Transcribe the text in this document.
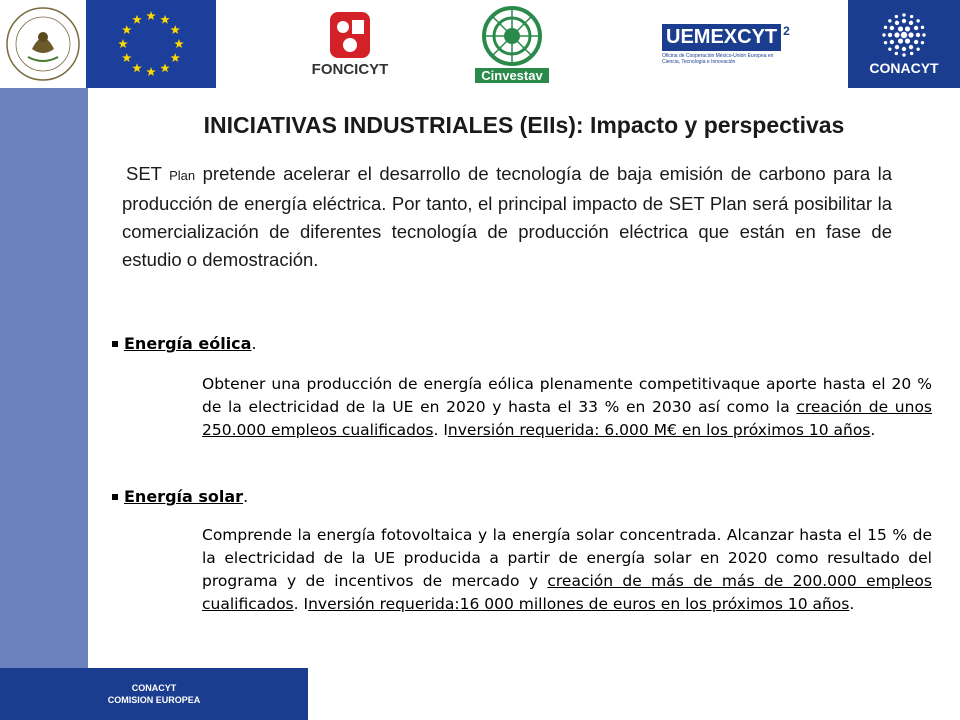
FONCICYT	Cinvestav
UEMEXCYT 2
Oficina de Cooperación México-Unión Europea en Ciencia, Tecnología e Innovación	CONACYT
INICIATIVAS INDUSTRIALES (EIIs): Impacto y perspectivas
SET Plan pretende acelerar el desarrollo de tecnología de baja emisión de carbono para la producción de energía eléctrica. Por tanto, el principal impacto de SET Plan será posibilitar la comercialización de diferentes tecnología de producción eléctrica que están en fase de estudio o demostración.
Energía eólica.
Obtener una producción de energía eólica plenamente competitivaque aporte hasta el 20 % de la electricidad de la UE en 2020 y hasta el 33 % en 2030 así como la creación de unos 250.000 empleos cualificados. Inversión requerida: 6.000 M€ en los próximos 10 años.
Energía solar.
Comprende la energía fotovoltaica y la energía solar concentrada. Alcanzar hasta el 15 % de la electricidad de la UE producida a partir de energía solar en 2020 como resultado del programa y de incentivos de mercado y creación de más de más de 200.000 empleos cualificados. Inversión requerida:16 000 millones de euros en los próximos 10 años.
CONACYT
COMISION EUROPEA
